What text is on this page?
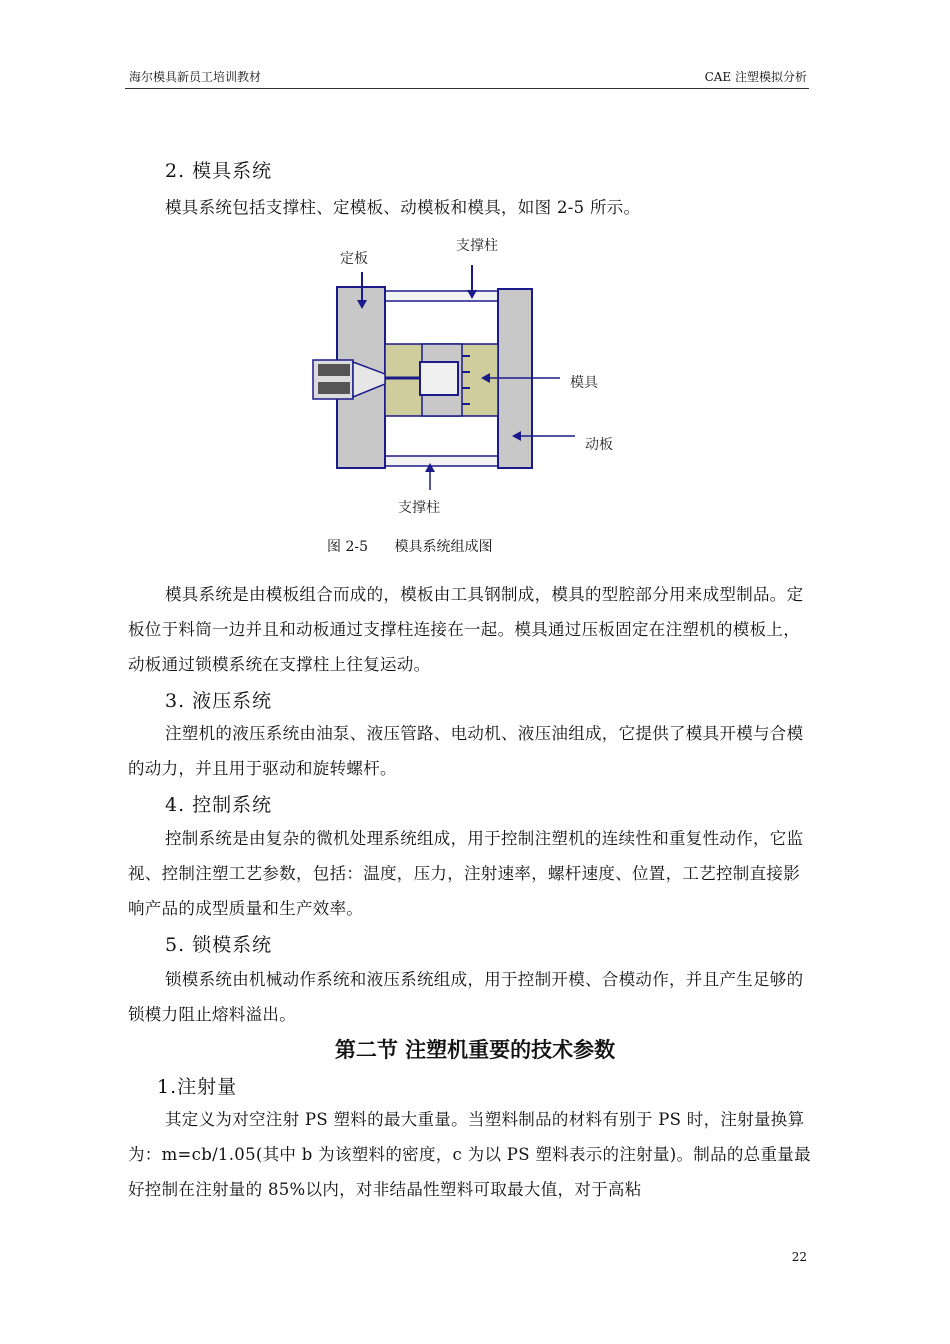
海尔模具新员工培训教材	CAE 注塑模拟分析
2. 模具系统
模具系统包括支撑柱、定模板、动模板和模具，如图 2-5 所示。
定板
支撑柱
模具
动板
支撑柱
图 2-5 模具系统组成图
模具系统是由模板组合而成的，模板由工具钢制成，模具的型腔部分用来成型制品。定板位于料筒一边并且和动板通过支撑柱连接在一起。模具通过压板固定在注塑机的模板上，动板通过锁模系统在支撑柱上往复运动。
3. 液压系统
注塑机的液压系统由油泵、液压管路、电动机、液压油组成，它提供了模具开模与合模的动力，并且用于驱动和旋转螺杆。
4. 控制系统
控制系统是由复杂的微机处理系统组成，用于控制注塑机的连续性和重复性动作，它监视、控制注塑工艺参数，包括：温度，压力，注射速率，螺杆速度、位置，工艺控制直接影响产品的成型质量和生产效率。
5. 锁模系统
锁模系统由机械动作系统和液压系统组成，用于控制开模、合模动作，并且产生足够的锁模力阻止熔料溢出。
第二节 注塑机重要的技术参数
1.注射量
其定义为对空注射 PS 塑料的最大重量。当塑料制品的材料有别于 PS 时，注射量换算为：m=cb/1.05(其中 b 为该塑料的密度，c 为以 PS 塑料表示的注射量)。制品的总重量最好控制在注射量的 85%以内，对非结晶性塑料可取最大值，对于高粘
22
